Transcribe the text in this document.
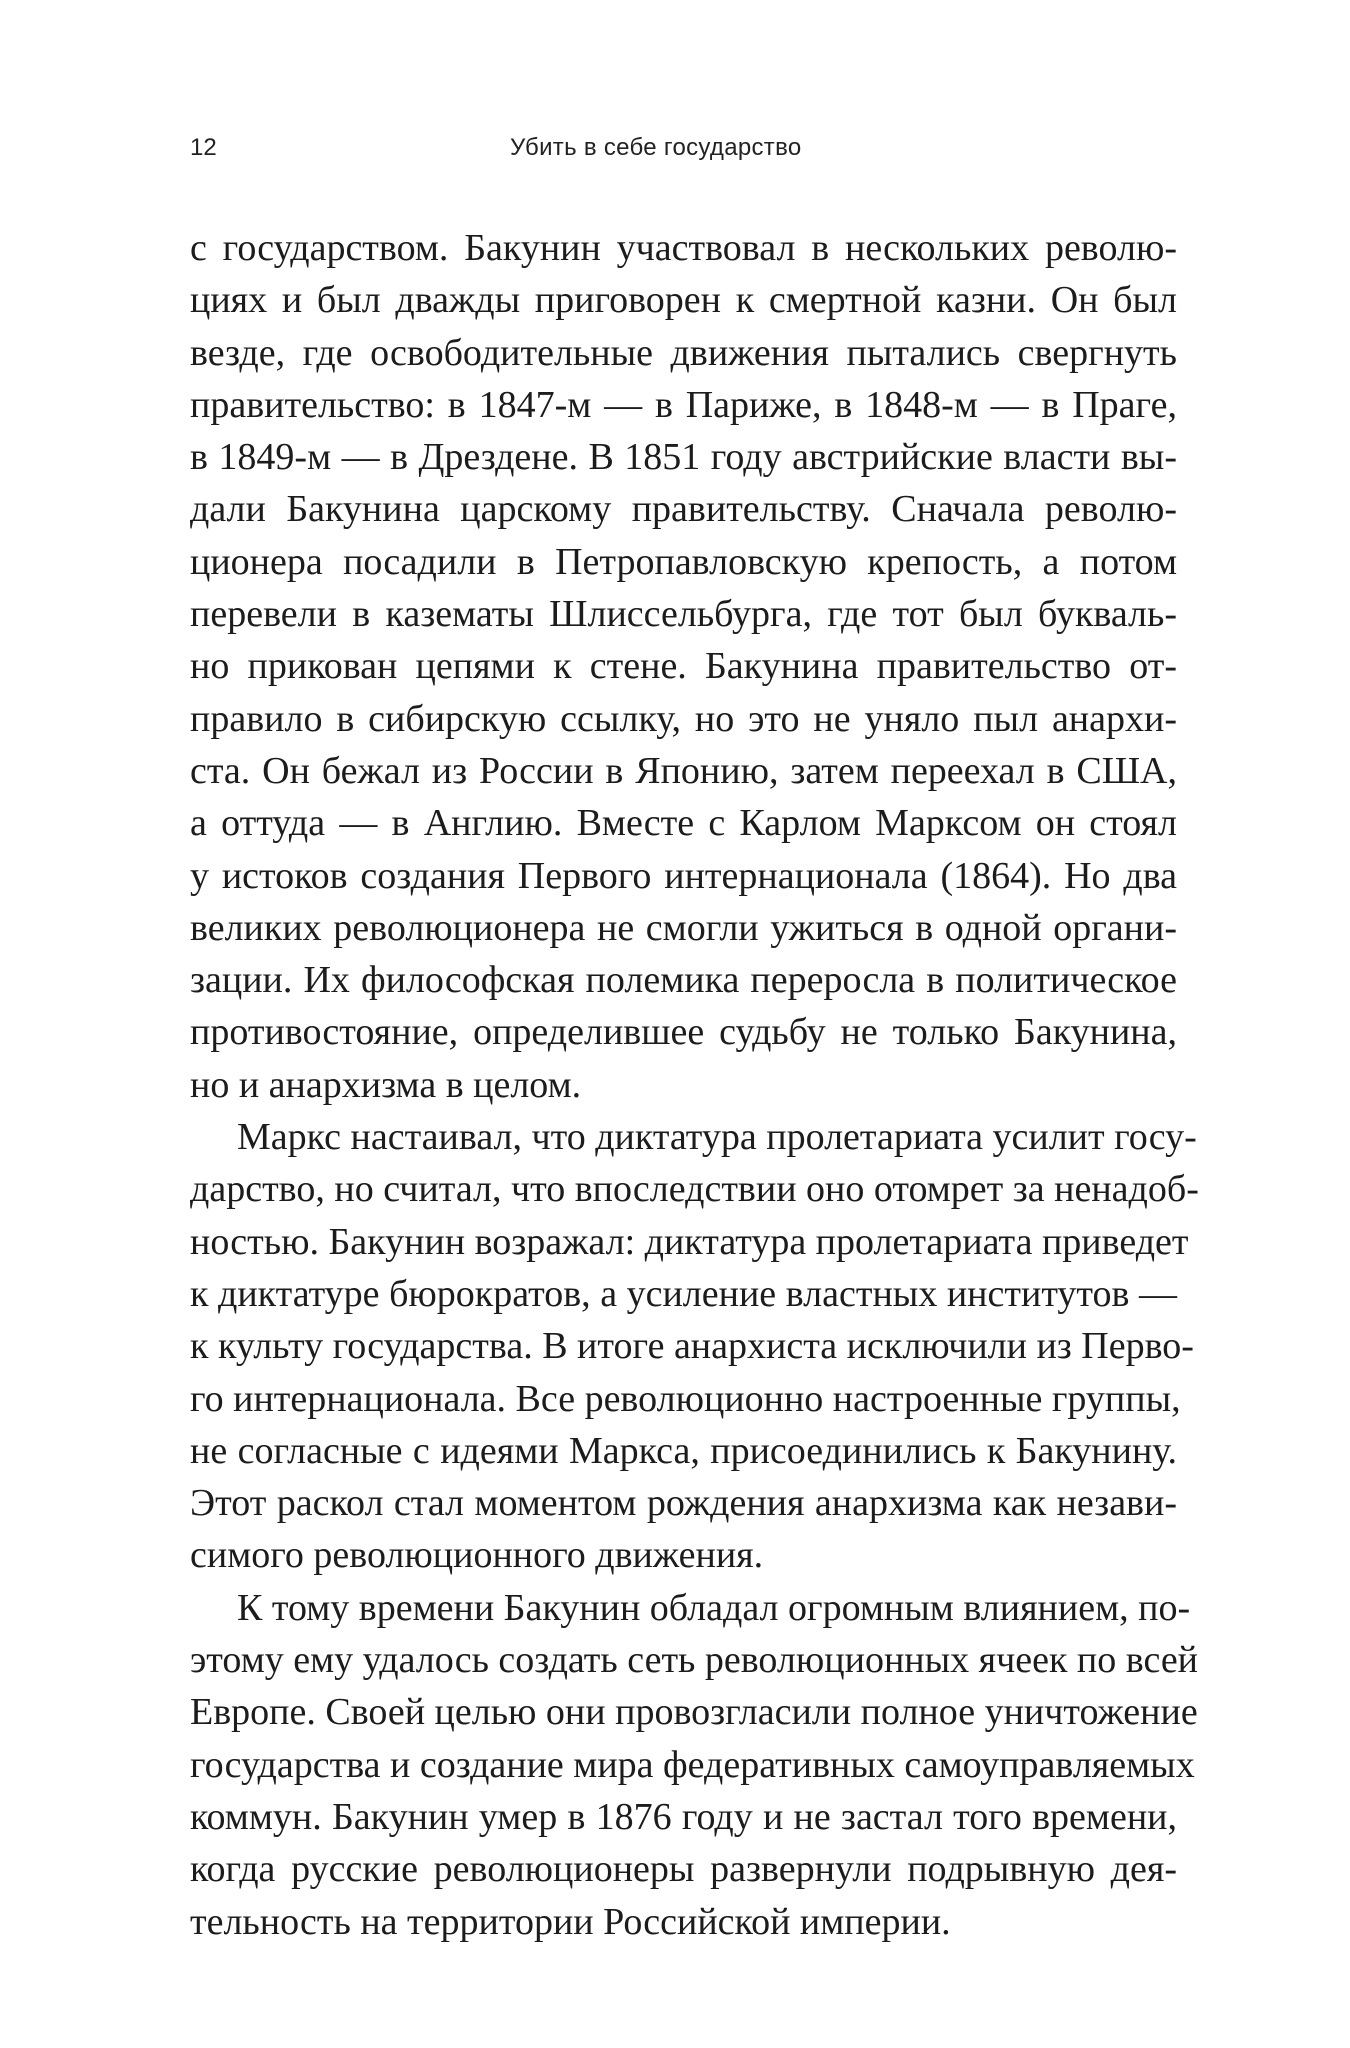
12	Убить в себе государство
с государством. Бакунин участвовал в нескольких револю-
циях и был дважды приговорен к смертной казни. Он был
везде, где освободительные движения пытались свергнуть
правительство: в 1847-м — в Париже, в 1848-м — в Праге,
в 1849-м — в Дрездене. В 1851 году австрийские власти вы-
дали Бакунина царскому правительству. Сначала револю-
ционера посадили в Петропавловскую крепость, а потом
перевели в казематы Шлиссельбурга, где тот был букваль-
но прикован цепями к стене. Бакунина правительство от-
правило в сибирскую ссылку, но это не уняло пыл анархи-
ста. Он бежал из России в Японию, затем переехал в США,
а оттуда — в Англию. Вместе с Карлом Марксом он стоял
у истоков создания Первого интернационала (1864). Но два
великих революционера не смогли ужиться в одной органи-
зации. Их философская полемика переросла в политическое
противостояние, определившее судьбу не только Бакунина,
но и анархизма в целом.
Маркс настаивал, что диктатура пролетариата усилит госу-
дарство, но считал, что впоследствии оно отомрет за ненадоб-
ностью. Бакунин возражал: диктатура пролетариата приведет
к диктатуре бюрократов, а усиление властных институтов —
к культу государства. В итоге анархиста исключили из Перво-
го интернационала. Все революционно настроенные группы,
не согласные с идеями Маркса, присоединились к Бакунину.
Этот раскол стал моментом рождения анархизма как незави-
симого революционного движения.
К тому времени Бакунин обладал огромным влиянием, по-
этому ему удалось создать сеть революционных ячеек по всей
Европе. Своей целью они провозгласили полное уничтожение
государства и создание мира федеративных самоуправляемых
коммун. Бакунин умер в 1876 году и не застал того времени,
когда русские революционеры развернули подрывную дея-
тельность на территории Российской империи.
